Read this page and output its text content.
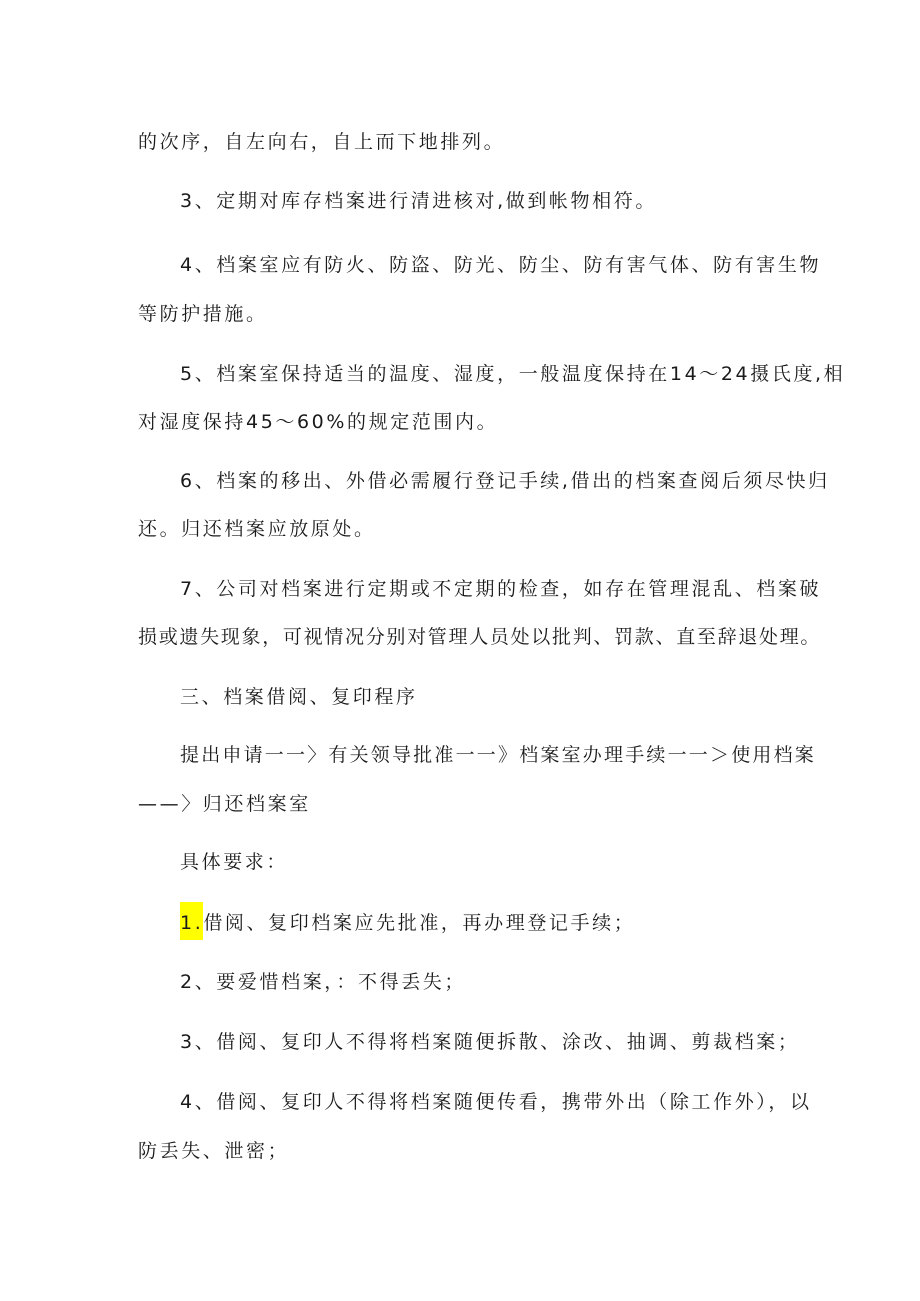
的次序，自左向右，自上而下地排列。
3、定期对库存档案进行清进核对,做到帐物相符。
4、档案室应有防火、防盗、防光、防尘、防有害气体、防有害生物
等防护措施。
5、档案室保持适当的温度、湿度，一般温度保持在14～24摄氏度,相
对湿度保持45～60%的规定范围内。
6、档案的移出、外借必需履行登记手续,借出的档案查阅后须尽快归
还。归还档案应放原处。
7、公司对档案进行定期或不定期的检查，如存在管理混乱、档案破
损或遗失现象，可视情况分别对管理人员处以批判、罚款、直至辞退处理。
三、档案借阅、复印程序
提出申请一一〉有关领导批准一一》档案室办理手续一一＞使用档案
——〉归还档案室
具体要求：
1.借阅、复印档案应先批准，再办理登记手续；
2、要爱惜档案，：不得丢失；
3、借阅、复印人不得将档案随便拆散、涂改、抽调、剪裁档案；
4、借阅、复印人不得将档案随便传看，携带外出（除工作外），以
防丢失、泄密；
